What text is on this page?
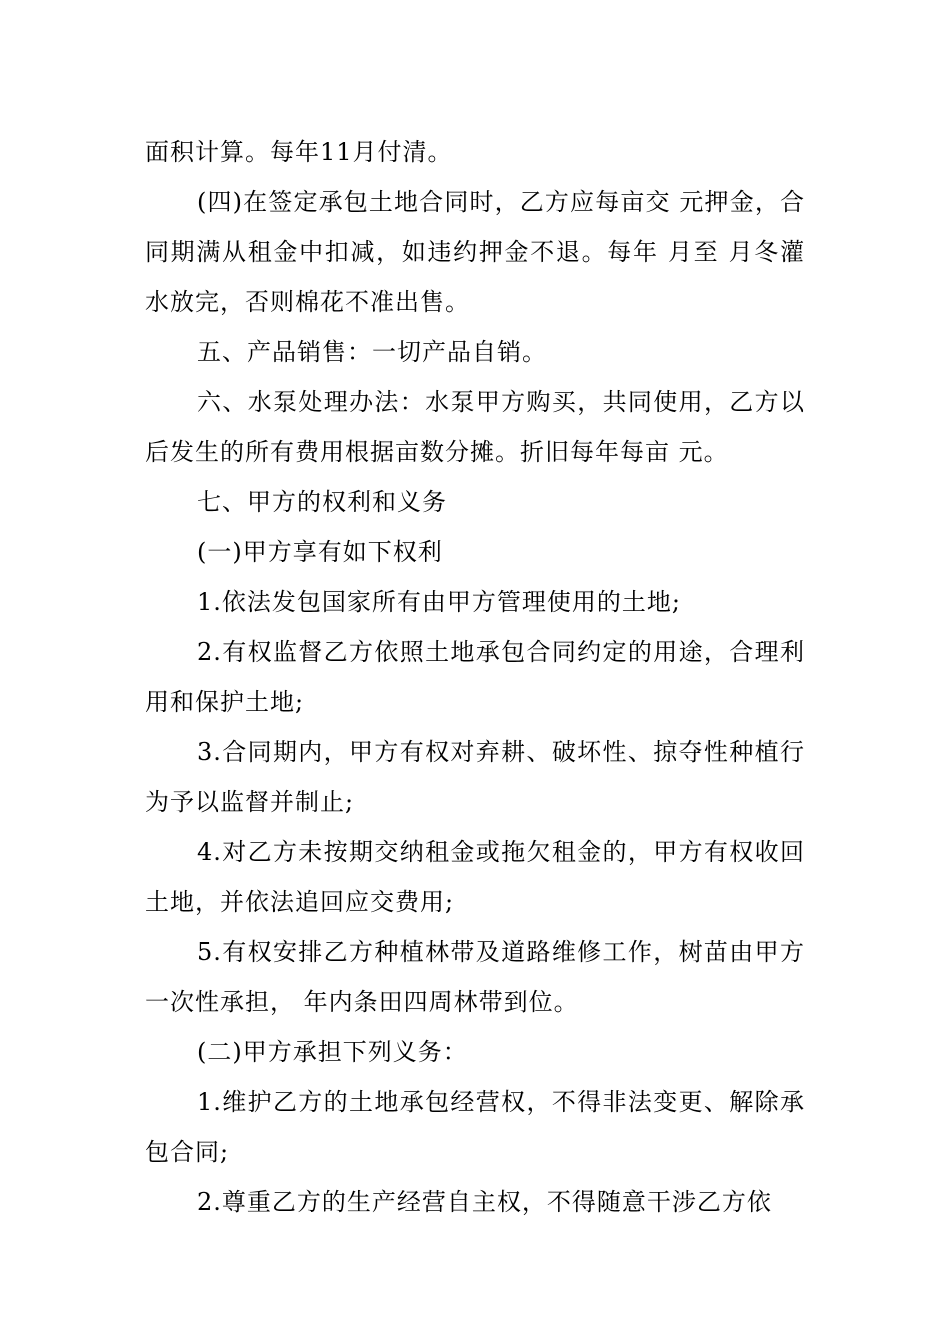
面积计算。每年11月付清。

(四)在签定承包土地合同时，乙方应每亩交 元押金，合同期满从租金中扣减，如违约押金不退。每年 月至 月冬灌水放完，否则棉花不准出售。

五、产品销售：一切产品自销。

六、水泵处理办法：水泵甲方购买，共同使用，乙方以后发生的所有费用根据亩数分摊。折旧每年每亩 元。

七、甲方的权利和义务

(一)甲方享有如下权利

1.依法发包国家所有由甲方管理使用的土地;

2.有权监督乙方依照土地承包合同约定的用途，合理利用和保护土地;

3.合同期内，甲方有权对弃耕、破坏性、掠夺性种植行为予以监督并制止;

4.对乙方未按期交纳租金或拖欠租金的，甲方有权收回土地，并依法追回应交费用;

5.有权安排乙方种植林带及道路维修工作，树苗由甲方一次性承担， 年内条田四周林带到位。

(二)甲方承担下列义务：

1.维护乙方的土地承包经营权，不得非法变更、解除承包合同;

2.尊重乙方的生产经营自主权，不得随意干涉乙方依
